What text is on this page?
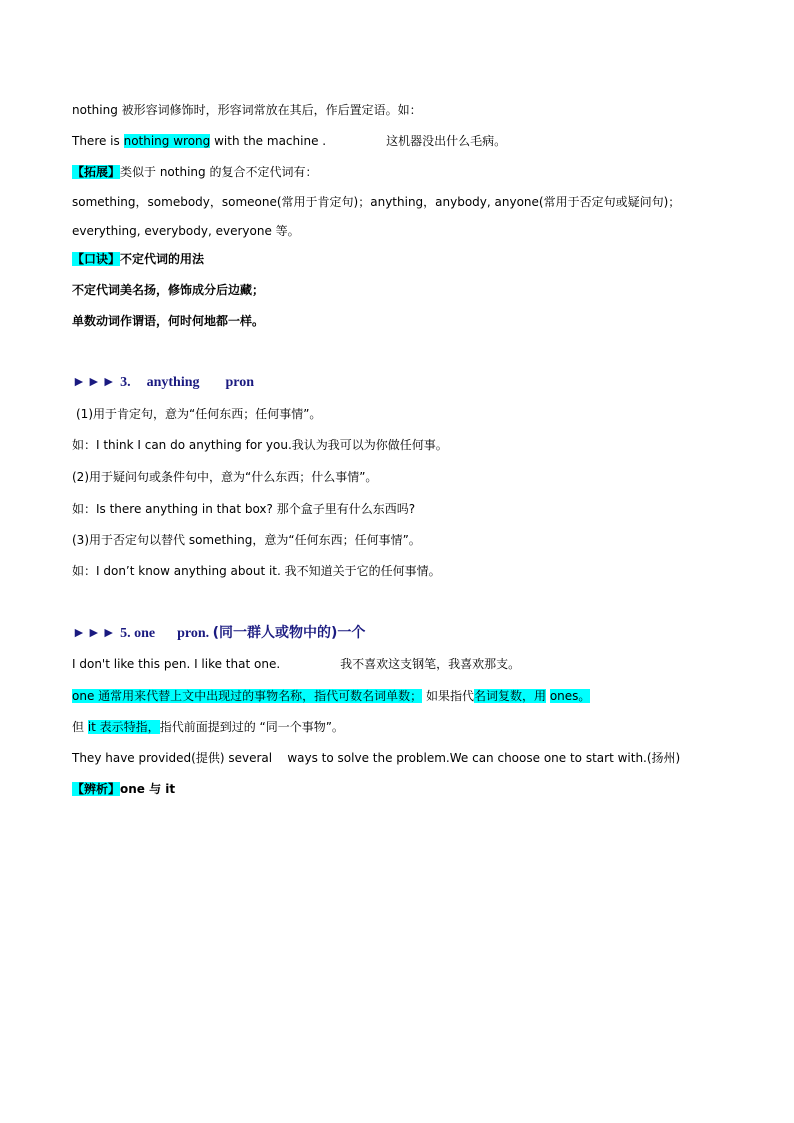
nothing 被形容词修饰时，形容词常放在其后，作后置定语。如：
There is nothing wrong with the machine .	这机器没出什么毛病。
【拓展】类似于 nothing 的复合不定代词有：
something，somebody，someone(常用于肯定句)；anything，anybody, anyone(常用于否定句或疑问句)；
everything, everybody, everyone 等。
【口诀】不定代词的用法
不定代词美名扬，修饰成分后边藏；
单数动词作谓语，何时何地都一样。
►►► 3. anything pron
(1)用于肯定句，意为“任何东西；任何事情”。
如：I think I can do anything for you.我认为我可以为你做任何事。
(2)用于疑问句或条件句中，意为“什么东西；什么事情”。
如：Is there anything in that box? 那个盒子里有什么东西吗?
(3)用于否定句以替代 something，意为“任何东西；任何事情”。
如：I don’t know anything about it. 我不知道关于它的任何事情。
►►► 5. one pron. (同一群人或物中的)一个
I don't like this pen. I like that one.	我不喜欢这支钢笔，我喜欢那支。
one 通常用来代替上文中出现过的事物名称，指代可数名词单数； 如果指代名词复数，用 ones。
但 it 表示特指，指代前面提到过的 “同一个事物”。
They have provided(提供) several    ways to solve the problem.We can choose one to start with.(扬州)
【辨析】one 与 it
